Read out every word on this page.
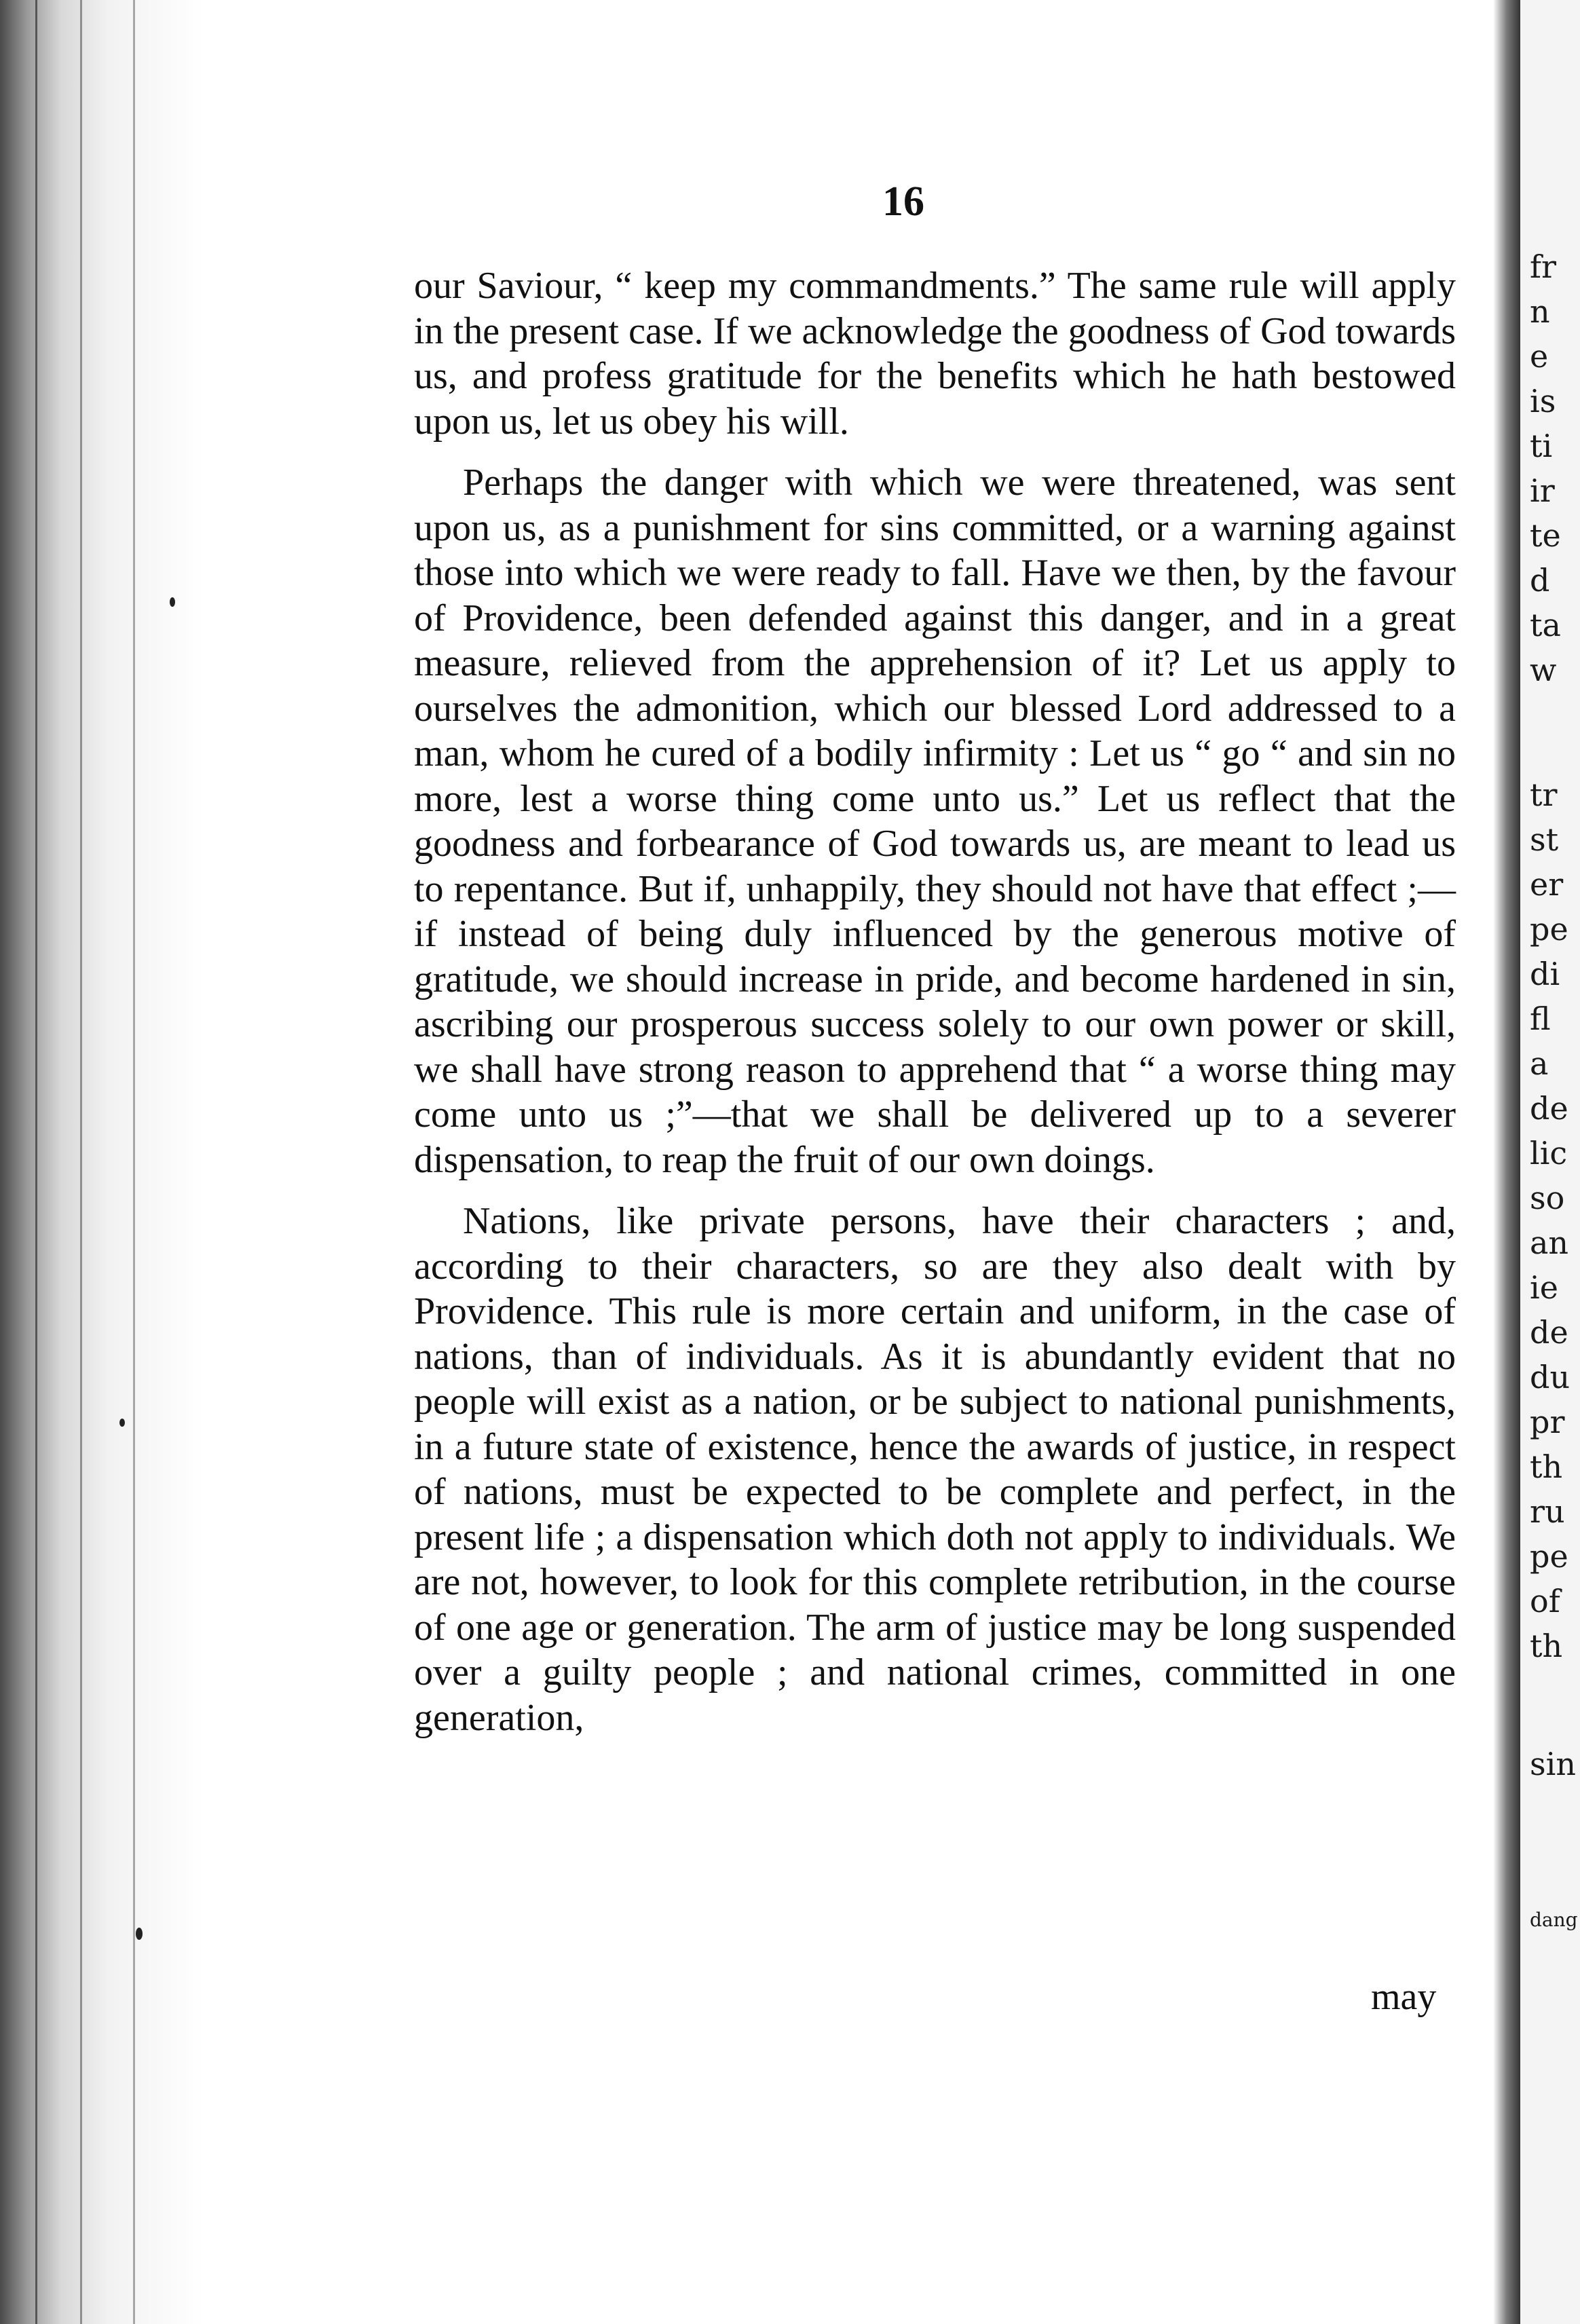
16

our Saviour, “ keep my commandments.” The same rule will apply in the present case. If we acknowledge the goodness of God towards us, and profess gratitude for the benefits which he hath bestowed upon us, let us obey his will.

Perhaps the danger with which we were threatened, was sent upon us, as a punishment for sins committed, or a warning against those into which we were ready to fall. Have we then, by the favour of Providence, been defended against this danger, and in a great measure, relieved from the apprehension of it? Let us apply to ourselves the admonition, which our blessed Lord addressed to a man, whom he cured of a bodily infirmity : Let us “ go “ and sin no more, lest a worse thing come unto us.” Let us reflect that the goodness and forbearance of God towards us, are meant to lead us to repentance. But if, unhappily, they should not have that effect ;—if instead of being duly influenced by the generous motive of gratitude, we should increase in pride, and become hardened in sin, ascribing our prosperous success solely to our own power or skill, we shall have strong reason to apprehend that “ a worse thing may come unto us ;”—that we shall be delivered up to a severer dispensation, to reap the fruit of our own doings.

Nations, like private persons, have their characters ; and, according to their characters, so are they also dealt with by Providence. This rule is more certain and uniform, in the case of nations, than of individuals. As it is abundantly evident that no people will exist as a nation, or be subject to national punishments, in a future state of existence, hence the awards of justice, in respect of nations, must be expected to be complete and perfect, in the present life ; a dispensation which doth not apply to individuals. We are not, however, to look for this complete retribution, in the course of one age or generation. The arm of justice may be long suspended over a guilty people ; and national crimes, committed in one generation,

may
fr
n
e
is
ti
ir
te
d
ta
w
tr
st
er
pe
di
fl
a
de
lic
so
an
ie
de
du
pr
th
ru
pe
of
th
sin
dang
